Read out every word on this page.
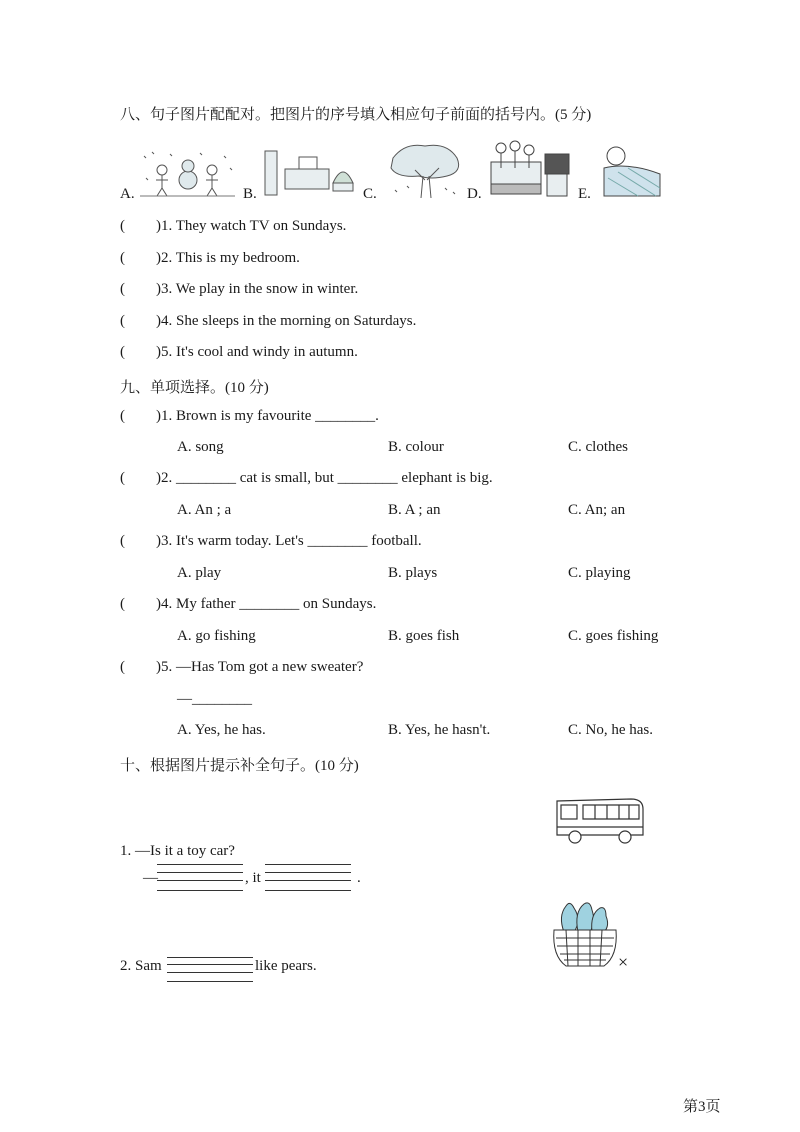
八、句子图片配配对。把图片的序号填入相应句子前面的括号内。(5 分)
A.	B.	C.	D.	E.
( )1. They watch TV on Sundays.
( )2. This is my bedroom.
( )3. We play in the snow in winter.
( )4. She sleeps in the morning on Saturdays.
( )5. It's cool and windy in autumn.
九、单项选择。(10 分)
( )1. Brown is my favourite ________.
A. song	B. colour	C. clothes
( )2. ________ cat is small, but ________ elephant is big.
A. An ; a	B. A ; an	C. An; an
( )3. It's warm today. Let's ________ football.
A. play	B. plays	C. playing
( )4. My father ________ on Sundays.
A. go fishing	B. goes fish	C. goes fishing
( )5. —Has Tom got a new sweater?
—________
A. Yes, he has.	B. Yes, he hasn't.	C. No, he has.
十、根据图片提示补全句子。(10 分)
1. —Is it a toy car?
—	, it	.
×
2. Sam	like pears.
第3页
